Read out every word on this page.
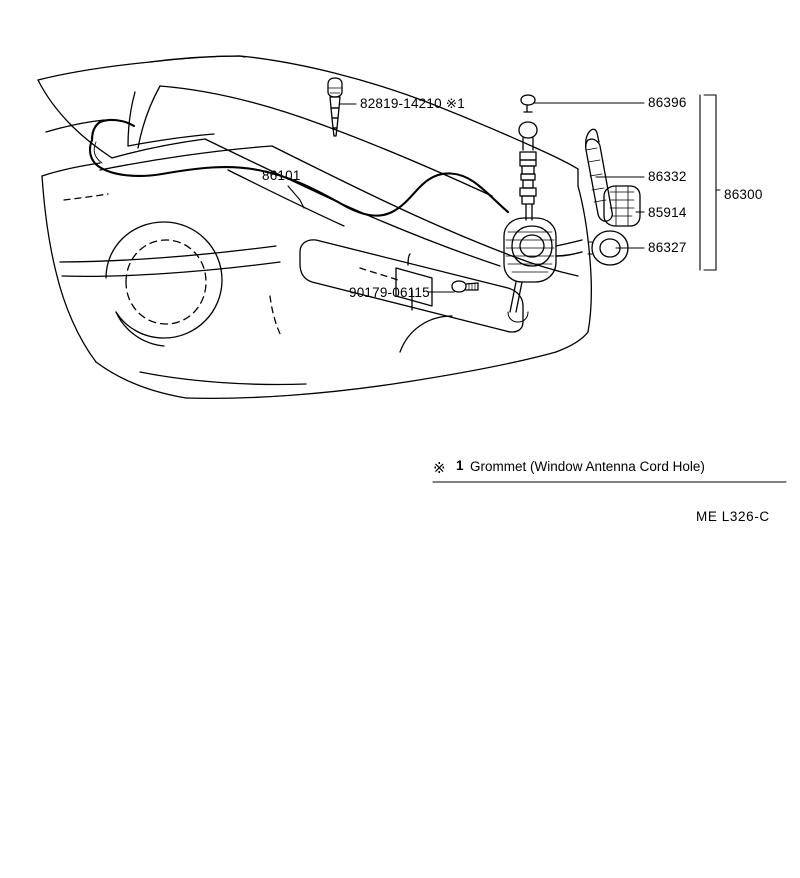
82819-14210 ※1
86101
90179-06115
86396
86332
85914
86327
86300
※ 1 Grommet (Window Antenna Cord Hole)
ME L326-C
